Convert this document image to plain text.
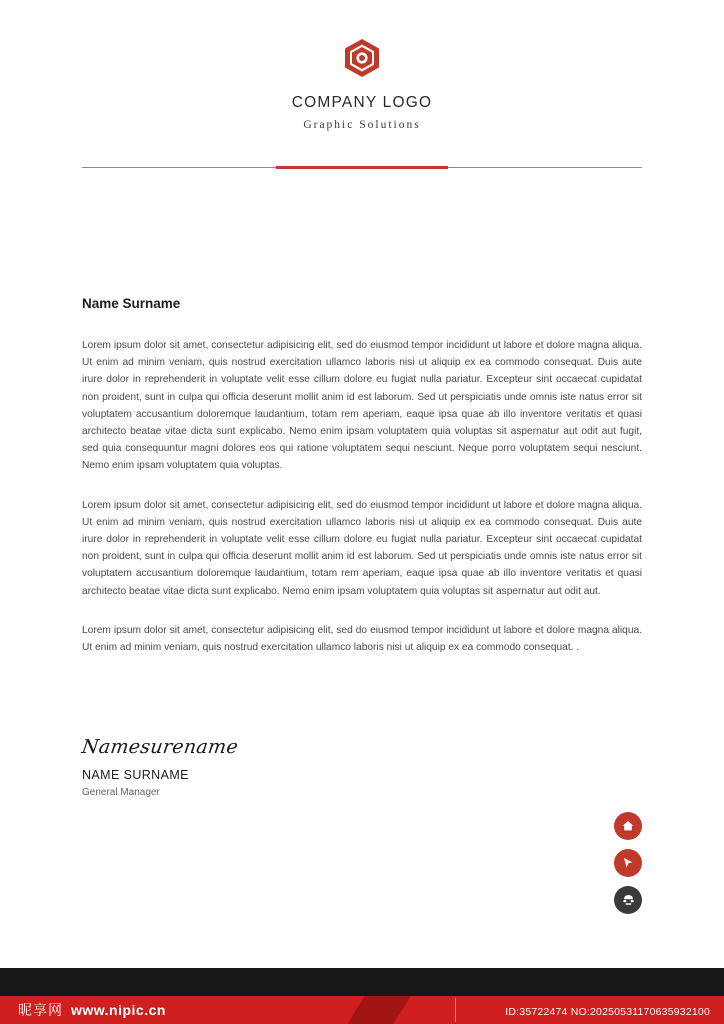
COMPANY LOGO
Graphic Solutions
Name Surname

Lorem ipsum dolor sit amet, consectetur adipisicing elit, sed do eiusmod tempor incididunt ut labore et dolore magna aliqua. Ut enim ad minim veniam, quis nostrud exercitation ullamco laboris nisi ut aliquip ex ea commodo consequat. Duis aute irure dolor in reprehenderit in voluptate velit esse cillum dolore eu fugiat nulla pariatur. Excepteur sint occaecat cupidatat non proident, sunt in culpa qui officia deserunt mollit anim id est laborum. Sed ut perspiciatis unde omnis iste natus error sit voluptatem accusantium doloremque laudantium, totam rem aperiam, eaque ipsa quae ab illo inventore veritatis et quasi architecto beatae vitae dicta sunt explicabo. Nemo enim ipsam voluptatem quia voluptas sit aspernatur aut odit aut fugit, sed quia consequuntur magni dolores eos qui ratione voluptatem sequi nesciunt. Neque porro voluptatem sequi nesciunt. Nemo enim ipsam voluptatem quia voluptas.

Lorem ipsum dolor sit amet, consectetur adipisicing elit, sed do eiusmod tempor incididunt ut labore et dolore magna aliqua. Ut enim ad minim veniam, quis nostrud exercitation ullamco laboris nisi ut aliquip ex ea commodo consequat. Duis aute irure dolor in reprehenderit in voluptate velit esse cillum dolore eu fugiat nulla pariatur. Excepteur sint occaecat cupidatat non proident, sunt in culpa qui officia deserunt mollit anim id est laborum. Sed ut perspiciatis unde omnis iste natus error sit voluptatem accusantium doloremque laudantium, totam rem aperiam, eaque ipsa quae ab illo inventore veritatis et quasi architecto beatae vitae dicta sunt explicabo. Nemo enim ipsam voluptatem quia voluptas sit aspernatur aut odit aut.

Lorem ipsum dolor sit amet, consectetur adipisicing elit, sed do eiusmod tempor incididunt ut labore et dolore magna aliqua. Ut enim ad minim veniam, quis nostrud exercitation ullamco laboris nisi ut aliquip ex ea commodo consequat. .

Namesurename
NAME SURNAME
General Manager
昵享网 www.nipic.cn	ID:35722474 NO:20250531170635932100
